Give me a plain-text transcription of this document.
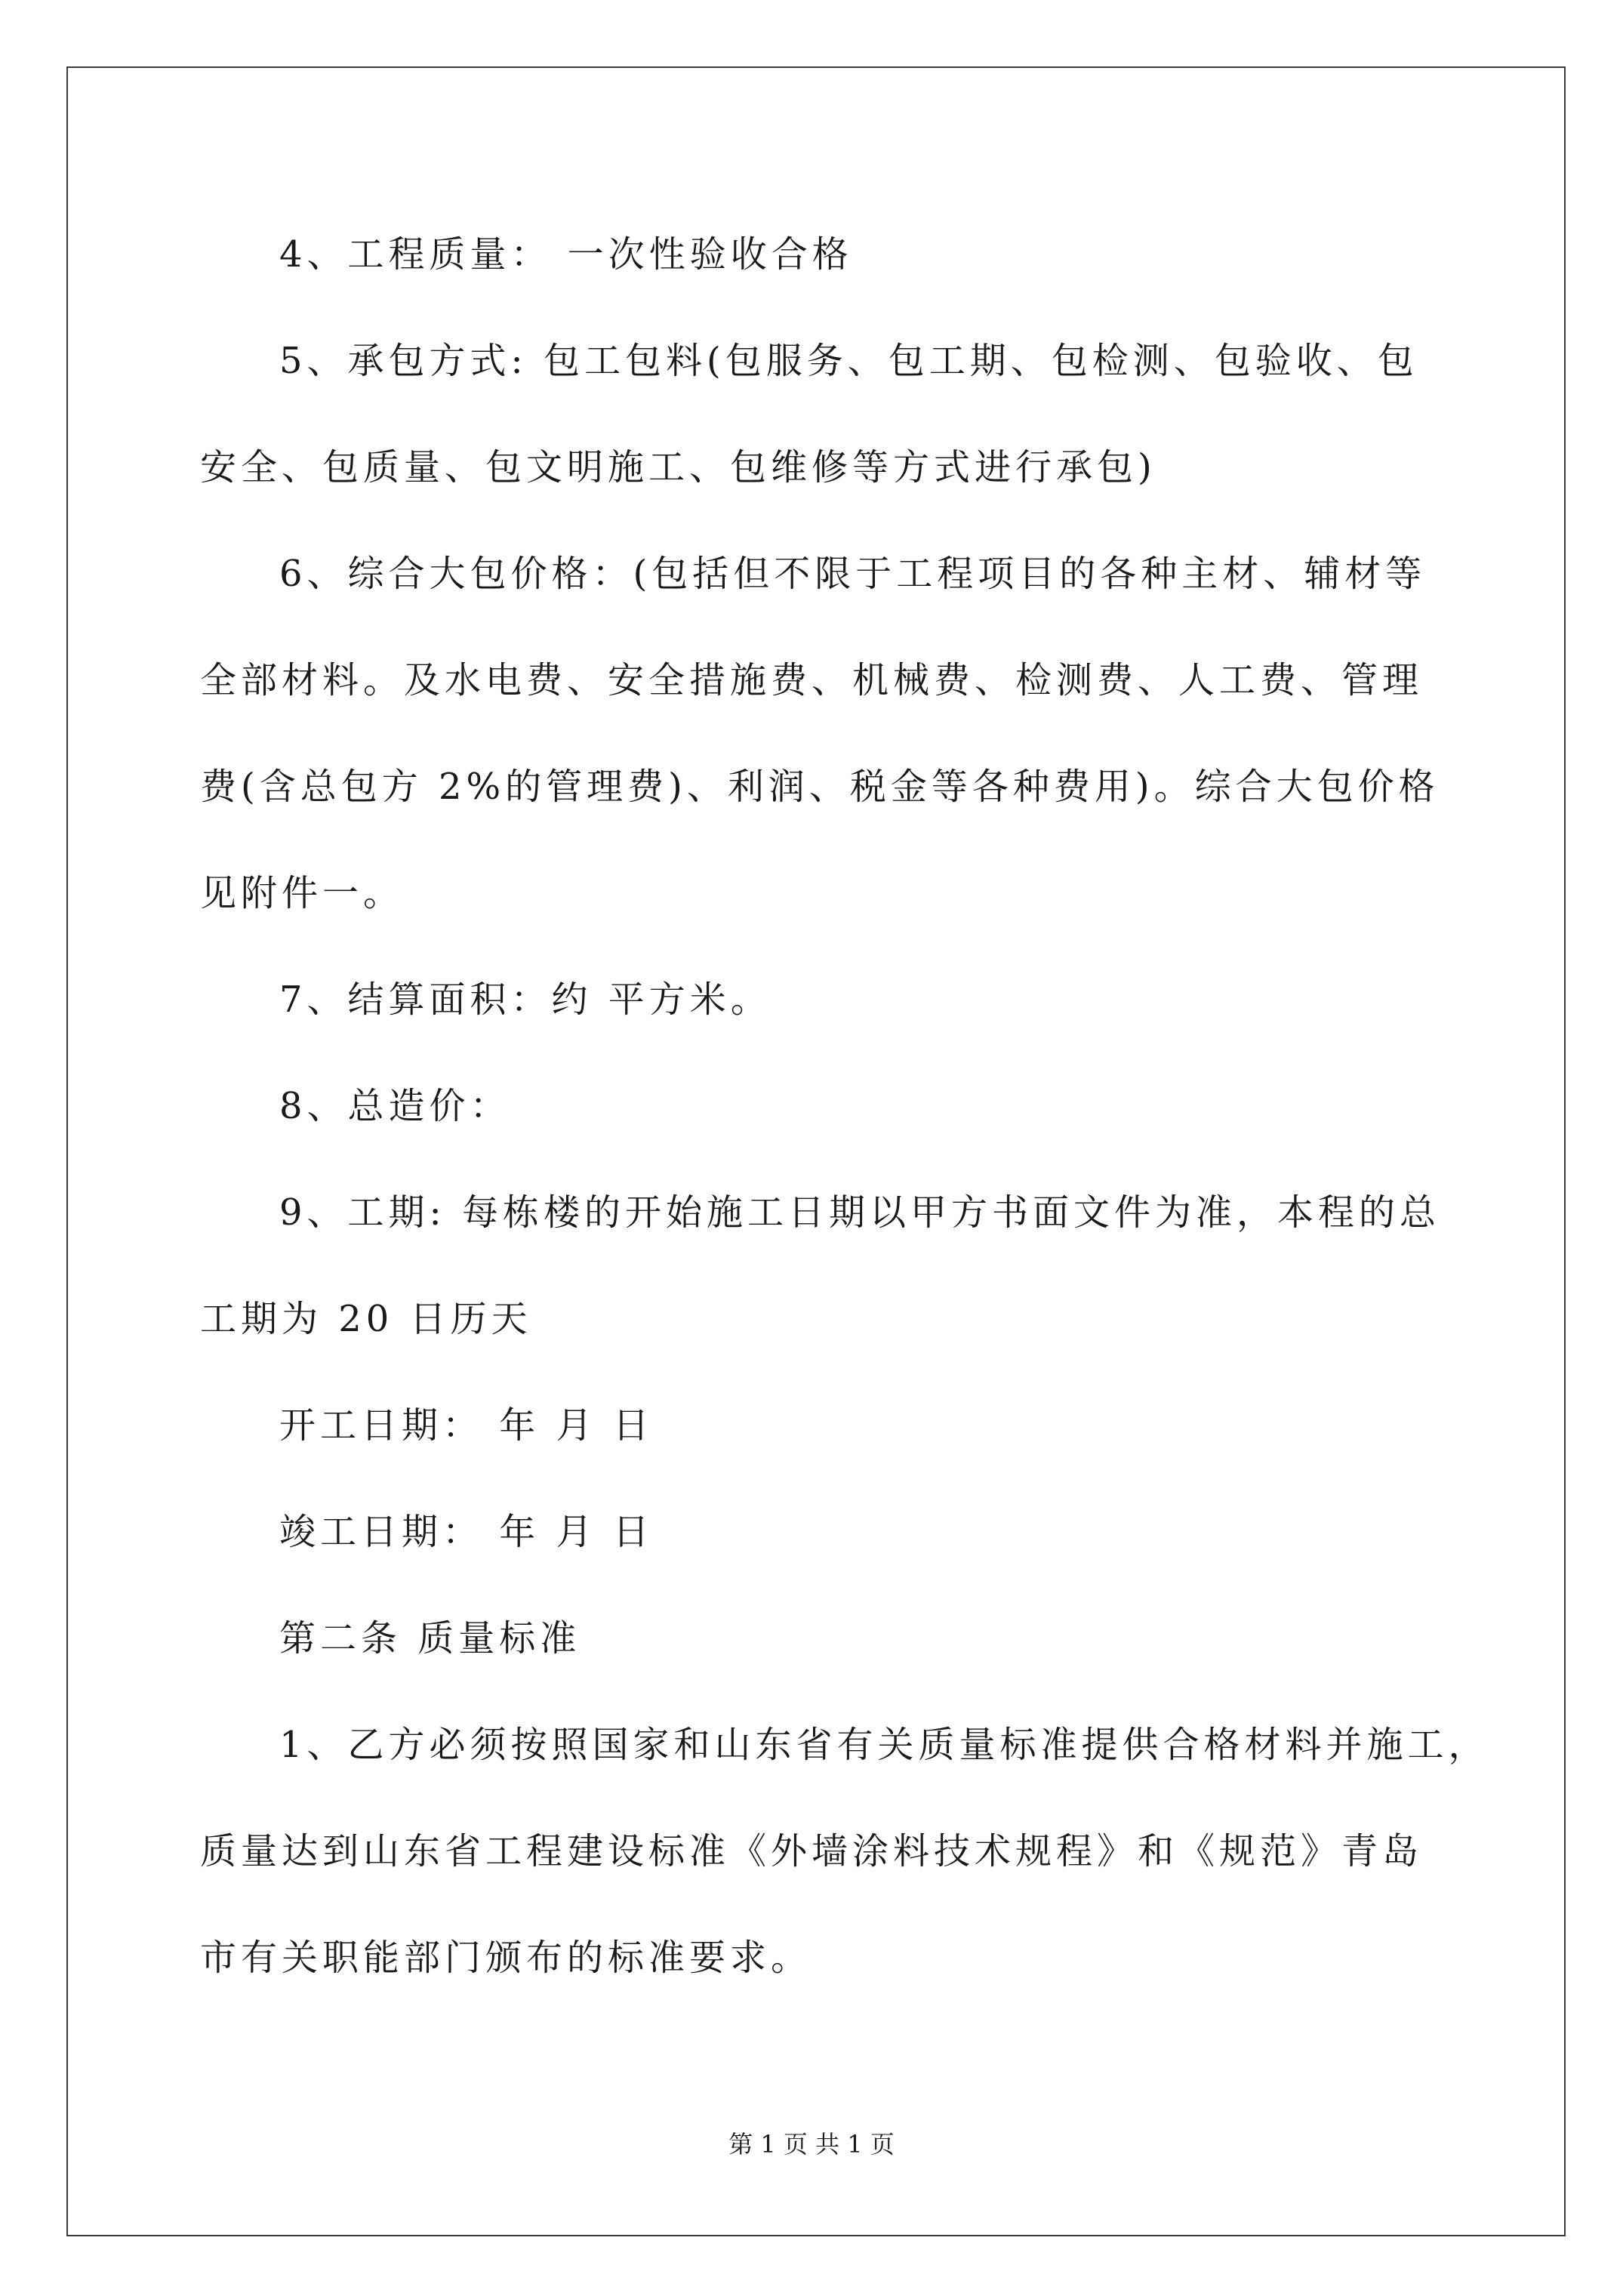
4、工程质量： 一次性验收合格
5、承包方式: 包工包料(包服务、包工期、包检测、包验收、包
安全、包质量、包文明施工、包维修等方式进行承包)
6、综合大包价格：(包括但不限于工程项目的各种主材、辅材等
全部材料。及水电费、安全措施费、机械费、检测费、人工费、管理
费(含总包方 2%的管理费)、利润、税金等各种费用)。综合大包价格
见附件一。
7、结算面积：约 平方米。
8、总造价：
9、工期: 每栋楼的开始施工日期以甲方书面文件为准，本程的总
工期为 20 日历天
开工日期： 年 月 日
竣工日期： 年 月 日
第二条 质量标准
1、乙方必须按照国家和山东省有关质量标准提供合格材料并施工，
质量达到山东省工程建设标准《外墙涂料技术规程》和《规范》青岛
市有关职能部门颁布的标准要求。
第 1 页 共 1 页
